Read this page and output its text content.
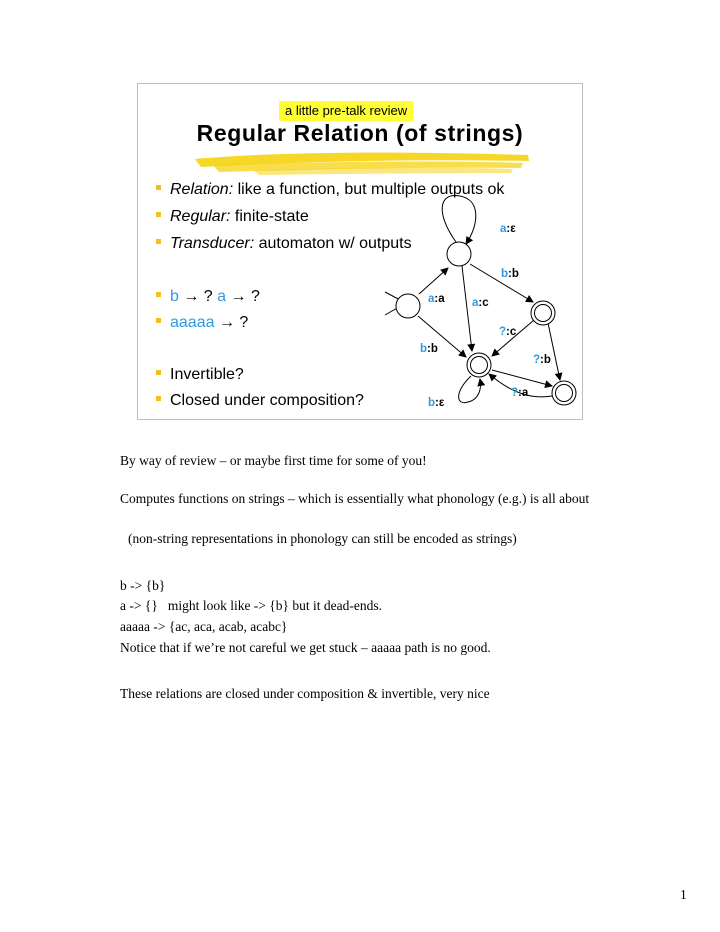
a little pre-talk review
Regular Relation (of strings)
Relation: like a function, but multiple outputs ok
Regular: finite-state
Transducer: automaton w/ outputs
b → ? a → ?
aaaaa → ?
Invertible?
Closed under composition?
a:ε
b:b
a:a a:c
?:c
b:b
?:b
?:a
b:ε
By way of review – or maybe first time for some of you!
Computes functions on strings – which is essentially what phonology (e.g.) is all about
(non-string representations in phonology can still be encoded as strings)
b -> {b}
a -> {}   might look like -> {b} but it dead-ends.
aaaaa -> {ac, aca, acab, acabc}
Notice that if we’re not careful we get stuck – aaaaa path is no good.
These relations are closed under composition & invertible, very nice
1
